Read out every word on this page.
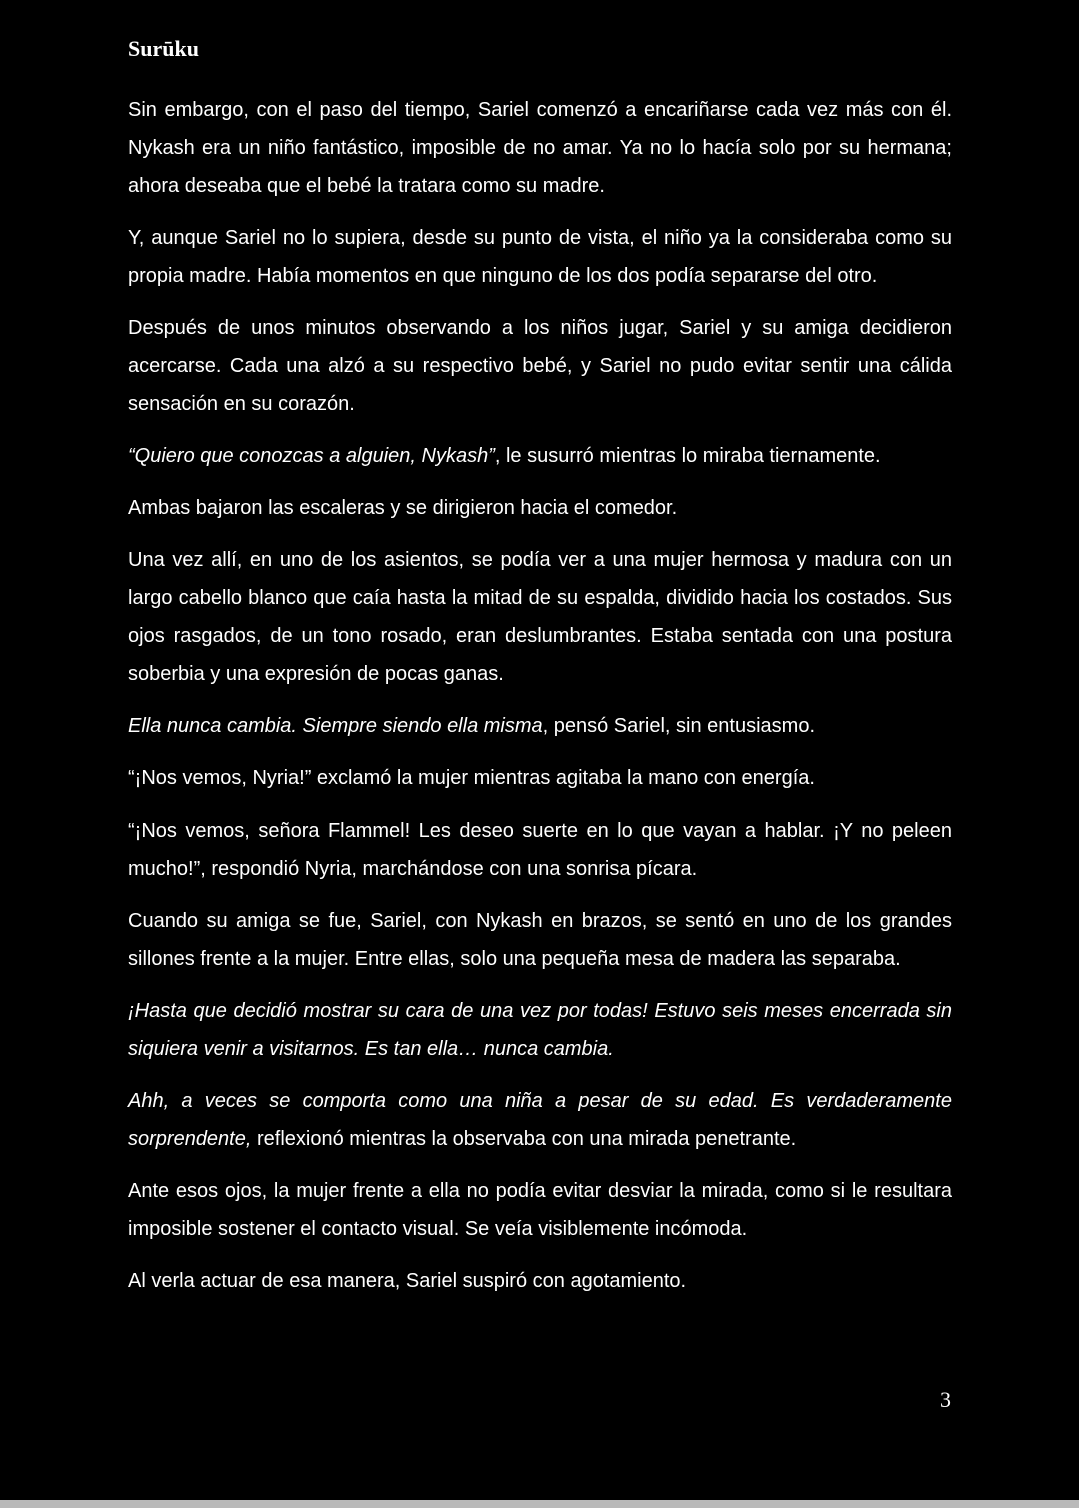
Surūku

Sin embargo, con el paso del tiempo, Sariel comenzó a encariñarse cada vez más con él. Nykash era un niño fantástico, imposible de no amar. Ya no lo hacía solo por su hermana; ahora deseaba que el bebé la tratara como su madre.

Y, aunque Sariel no lo supiera, desde su punto de vista, el niño ya la consideraba como su propia madre. Había momentos en que ninguno de los dos podía separarse del otro.

Después de unos minutos observando a los niños jugar, Sariel y su amiga decidieron acercarse. Cada una alzó a su respectivo bebé, y Sariel no pudo evitar sentir una cálida sensación en su corazón.

“Quiero que conozcas a alguien, Nykash”, le susurró mientras lo miraba tiernamente.

Ambas bajaron las escaleras y se dirigieron hacia el comedor.

Una vez allí, en uno de los asientos, se podía ver a una mujer hermosa y madura con un largo cabello blanco que caía hasta la mitad de su espalda, dividido hacia los costados. Sus ojos rasgados, de un tono rosado, eran deslumbrantes. Estaba sentada con una postura soberbia y una expresión de pocas ganas.

Ella nunca cambia. Siempre siendo ella misma, pensó Sariel, sin entusiasmo.

“¡Nos vemos, Nyria!” exclamó la mujer mientras agitaba la mano con energía.

“¡Nos vemos, señora Flammel! Les deseo suerte en lo que vayan a hablar. ¡Y no peleen mucho!”, respondió Nyria, marchándose con una sonrisa pícara.

Cuando su amiga se fue, Sariel, con Nykash en brazos, se sentó en uno de los grandes sillones frente a la mujer. Entre ellas, solo una pequeña mesa de madera las separaba.

¡Hasta que decidió mostrar su cara de una vez por todas! Estuvo seis meses encerrada sin siquiera venir a visitarnos. Es tan ella… nunca cambia.

Ahh, a veces se comporta como una niña a pesar de su edad. Es verdaderamente sorprendente, reflexionó mientras la observaba con una mirada penetrante.

Ante esos ojos, la mujer frente a ella no podía evitar desviar la mirada, como si le resultara imposible sostener el contacto visual. Se veía visiblemente incómoda.

Al verla actuar de esa manera, Sariel suspiró con agotamiento.

3
